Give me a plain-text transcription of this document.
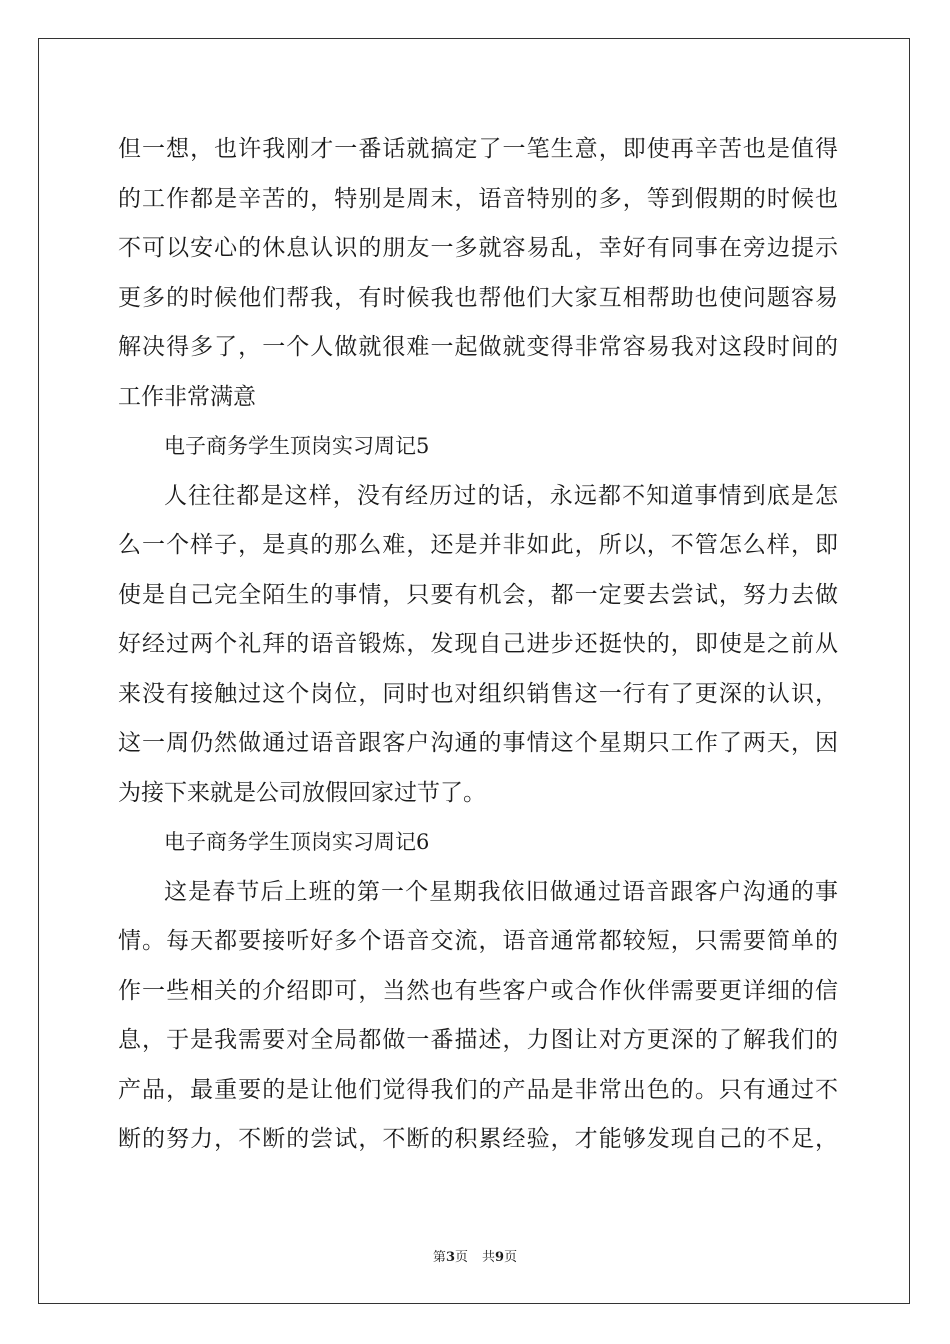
但一想，也许我刚才一番话就搞定了一笔生意，即使再辛苦也是值得
的工作都是辛苦的，特别是周末，语音特别的多，等到假期的时候也
不可以安心的休息认识的朋友一多就容易乱，幸好有同事在旁边提示
更多的时候他们帮我，有时候我也帮他们大家互相帮助也使问题容易
解决得多了，一个人做就很难一起做就变得非常容易我对这段时间的
工作非常满意
电子商务学生顶岗实习周记5
人往往都是这样，没有经历过的话，永远都不知道事情到底是怎
么一个样子，是真的那么难，还是并非如此，所以，不管怎么样，即
使是自己完全陌生的事情，只要有机会，都一定要去尝试，努力去做
好经过两个礼拜的语音锻炼，发现自己进步还挺快的，即使是之前从
来没有接触过这个岗位，同时也对组织销售这一行有了更深的认识，
这一周仍然做通过语音跟客户沟通的事情这个星期只工作了两天，因
为接下来就是公司放假回家过节了。
电子商务学生顶岗实习周记6
这是春节后上班的第一个星期我依旧做通过语音跟客户沟通的事
情。每天都要接听好多个语音交流，语音通常都较短，只需要简单的
作一些相关的介绍即可，当然也有些客户或合作伙伴需要更详细的信
息，于是我需要对全局都做一番描述，力图让对方更深的了解我们的
产品，最重要的是让他们觉得我们的产品是非常出色的。只有通过不
断的努力，不断的尝试，不断的积累经验，才能够发现自己的不足，
第3页 共9页
